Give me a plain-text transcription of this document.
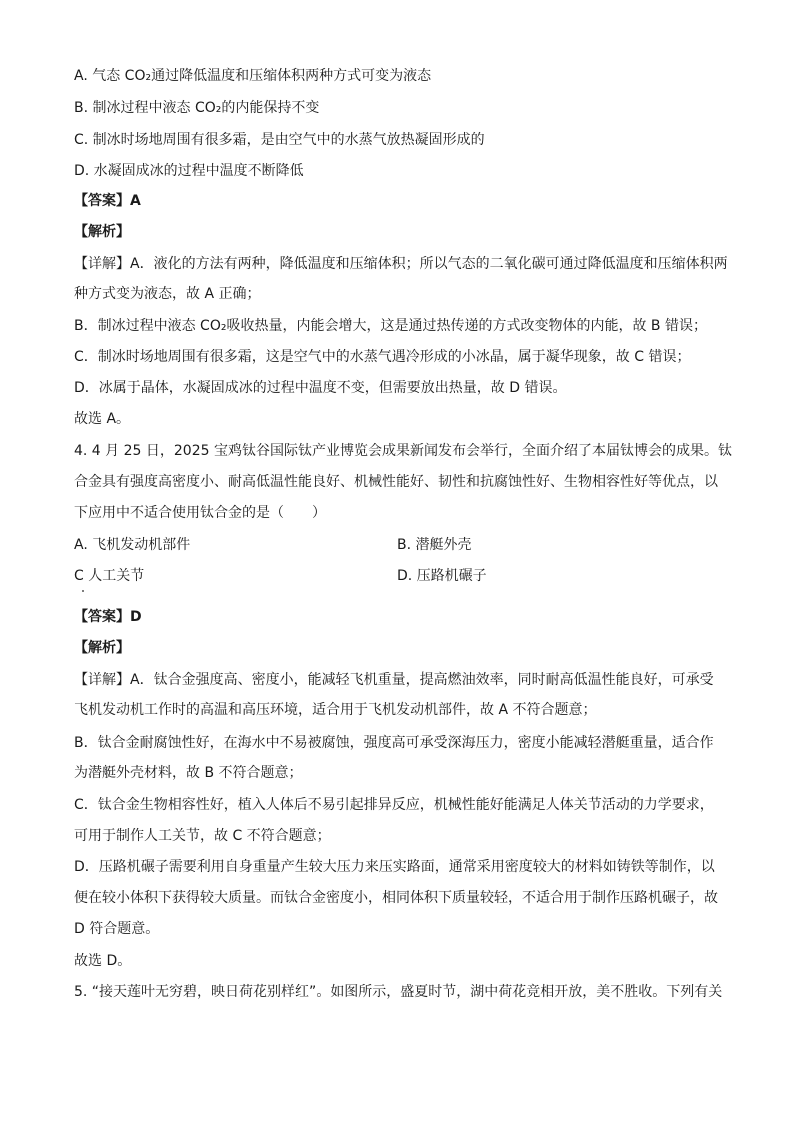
A. 气态 CO₂通过降低温度和压缩体积两种方式可变为液态
B. 制冰过程中液态 CO₂的内能保持不变
C. 制冰时场地周围有很多霜，是由空气中的水蒸气放热凝固形成的
D. 水凝固成冰的过程中温度不断降低
【答案】A
【解析】
【详解】A．液化的方法有两种，降低温度和压缩体积；所以气态的二氧化碳可通过降低温度和压缩体积两
种方式变为液态，故 A 正确；
B．制冰过程中液态 CO₂吸收热量，内能会增大，这是通过热传递的方式改变物体的内能，故 B 错误；
C．制冰时场地周围有很多霜，这是空气中的水蒸气遇冷形成的小冰晶，属于凝华现象，故 C 错误；
D．冰属于晶体，水凝固成冰的过程中温度不变，但需要放出热量，故 D 错误。
故选 A。
4. 4 月 25 日，2025 宝鸡钛谷国际钛产业博览会成果新闻发布会举行，全面介绍了本届钛博会的成果。钛
合金具有强度高密度小、耐高低温性能良好、机械性能好、韧性和抗腐蚀性好、生物相容性好等优点，以
下应用中不适合使用钛合金的是（　　）
A. 飞机发动机部件	B. 潜艇外壳
C 人工关节	D. 压路机碾子
【答案】D
【解析】
【详解】A．钛合金强度高、密度小，能减轻飞机重量，提高燃油效率，同时耐高低温性能良好，可承受
飞机发动机工作时的高温和高压环境，适合用于飞机发动机部件，故 A 不符合题意；
B．钛合金耐腐蚀性好，在海水中不易被腐蚀，强度高可承受深海压力，密度小能减轻潜艇重量，适合作
为潜艇外壳材料，故 B 不符合题意；
C．钛合金生物相容性好，植入人体后不易引起排异反应，机械性能好能满足人体关节活动的力学要求，
可用于制作人工关节，故 C 不符合题意；
D．压路机碾子需要利用自身重量产生较大压力来压实路面，通常采用密度较大的材料如铸铁等制作，以
便在较小体积下获得较大质量。而钛合金密度小，相同体积下质量较轻，不适合用于制作压路机碾子，故
D 符合题意。
故选 D。
5. “接天莲叶无穷碧，映日荷花别样红”。如图所示，盛夏时节，湖中荷花竞相开放，美不胜收。下列有关
